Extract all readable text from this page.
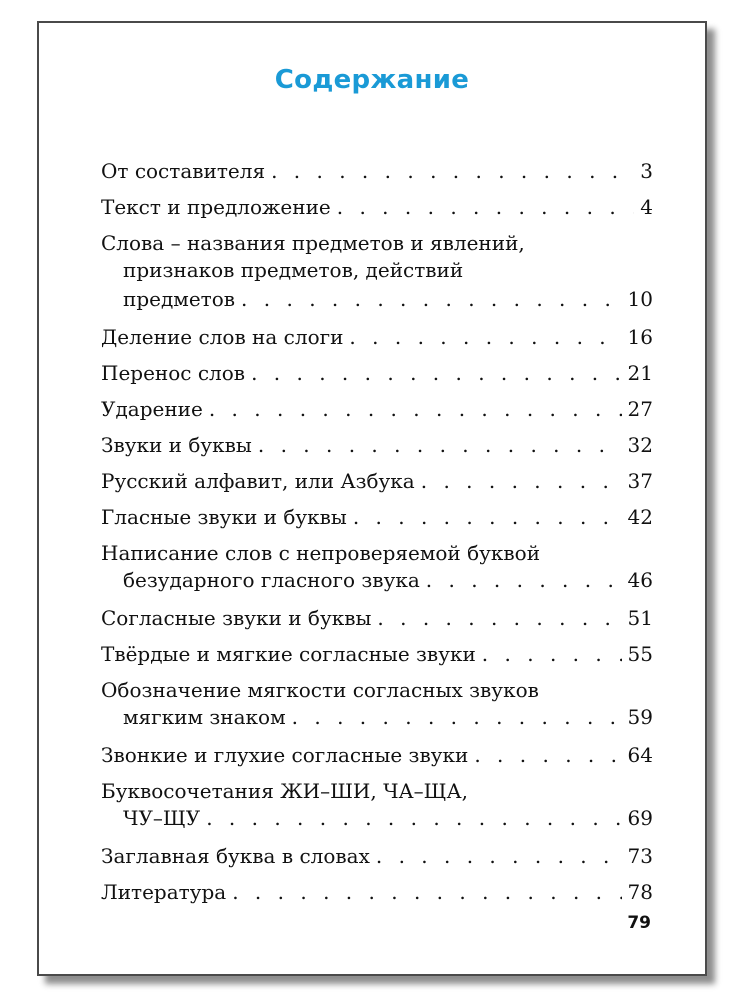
Содержание
От составителя . . .	3
Текст и предложение . . .	4
Слова – названия предметов и явлений,
признаков предметов, действий
предметов . . .	10
Деление слов на слоги . . .	16
Перенос слов . . .	21
Ударение . . .	27
Звуки и буквы . . .	32
Русский алфавит, или Азбука . . .	37
Гласные звуки и буквы . . .	42
Написание слов с непроверяемой буквой
безударного гласного звука . . .	46
Согласные звуки и буквы . . .	51
Твёрдые и мягкие согласные звуки . . .	55
Обозначение мягкости согласных звуков
мягким знаком . . .	59
Звонкие и глухие согласные звуки . . .	64
Буквосочетания ЖИ–ШИ, ЧА–ЩА,
ЧУ–ЩУ . . .	69
Заглавная буква в словах . . .	73
Литература . . .	78
79
